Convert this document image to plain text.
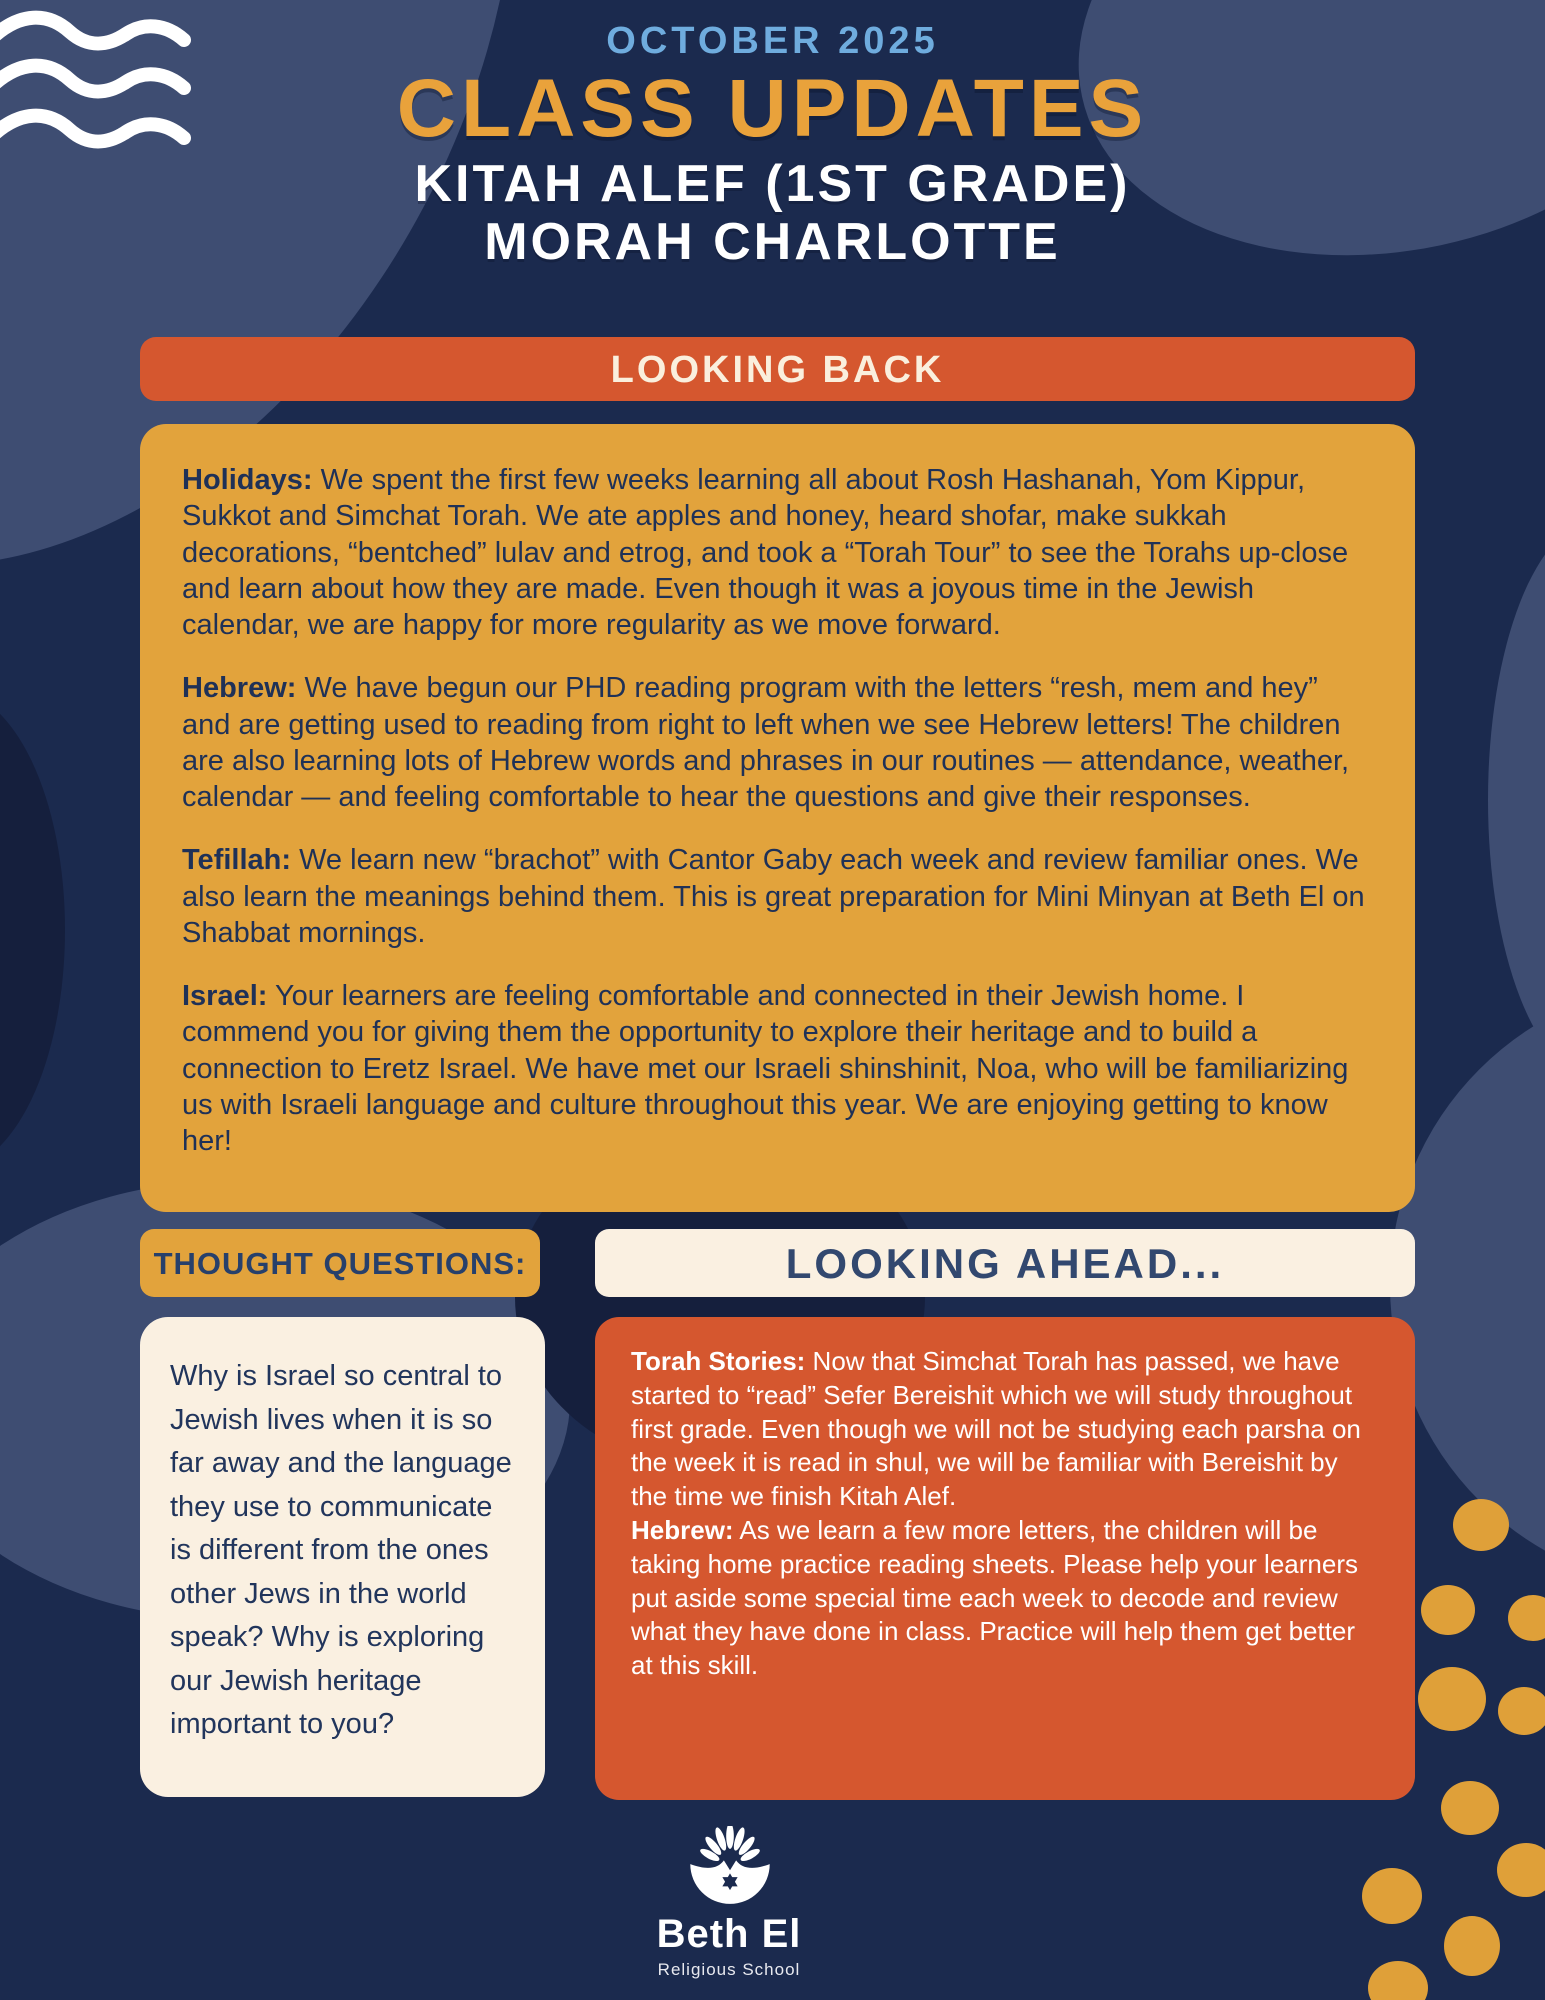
OCTOBER 2025
CLASS UPDATES
KITAH ALEF (1ST GRADE)
MORAH CHARLOTTE
LOOKING BACK
Holidays: We spent the first few weeks learning all about Rosh Hashanah, Yom Kippur, Sukkot and Simchat Torah. We ate apples and honey, heard shofar, make sukkah decorations, “bentched” lulav and etrog, and took a “Torah Tour” to see the Torahs up-close and learn about how they are made. Even though it was a joyous time in the Jewish calendar, we are happy for more regularity as we move forward.
Hebrew: We have begun our PHD reading program with the letters “resh, mem and hey” and are getting used to reading from right to left when we see Hebrew letters! The children are also learning lots of Hebrew words and phrases in our routines — attendance, weather, calendar — and feeling comfortable to hear the questions and give their responses.
Tefillah: We learn new “brachot” with Cantor Gaby each week and review familiar ones. We also learn the meanings behind them. This is great preparation for Mini Minyan at Beth El on Shabbat mornings.
Israel: Your learners are feeling comfortable and connected in their Jewish home. I commend you for giving them the opportunity to explore their heritage and to build a connection to Eretz Israel. We have met our Israeli shinshinit, Noa, who will be familiarizing us with Israeli language and culture throughout this year. We are enjoying getting to know her!
THOUGHT QUESTIONS:	LOOKING AHEAD...
Why is Israel so central to Jewish lives when it is so far away and the language they use to communicate is different from the ones other Jews in the world speak? Why is exploring our Jewish heritage important to you?
Torah Stories: Now that Simchat Torah has passed, we have started to “read” Sefer Bereishit which we will study throughout first grade. Even though we will not be studying each parsha on the week it is read in shul, we will be familiar with Bereishit by the time we finish Kitah Alef.
Hebrew: As we learn a few more letters, the children will be taking home practice reading sheets. Please help your learners put aside some special time each week to decode and review what they have done in class. Practice will help them get better at this skill.
Beth El
Religious School
